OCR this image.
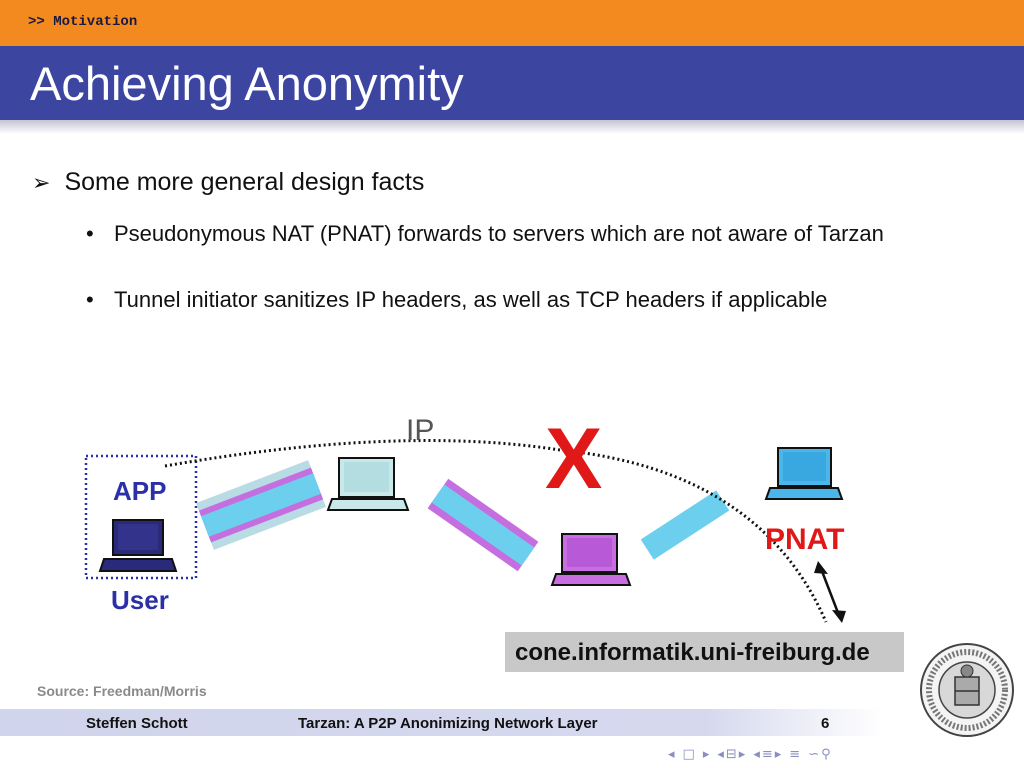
>> Motivation
Achieving Anonymity
➢ Some more general design facts
• Pseudonymous NAT (PNAT) forwards to servers which are not aware of Tarzan
• Tunnel initiator sanitizes IP headers, as well as TCP headers if applicable
APP
User
IP X
PNAT
cone.informatik.uni-freiburg.de
Source: Freedman/Morris
Steffen Schott	Tarzan: A P2P Anonimizing Network Layer	6
◂ □ ▸ ◂⊟▸ ◂≡▸ ≡ ∽⚲
